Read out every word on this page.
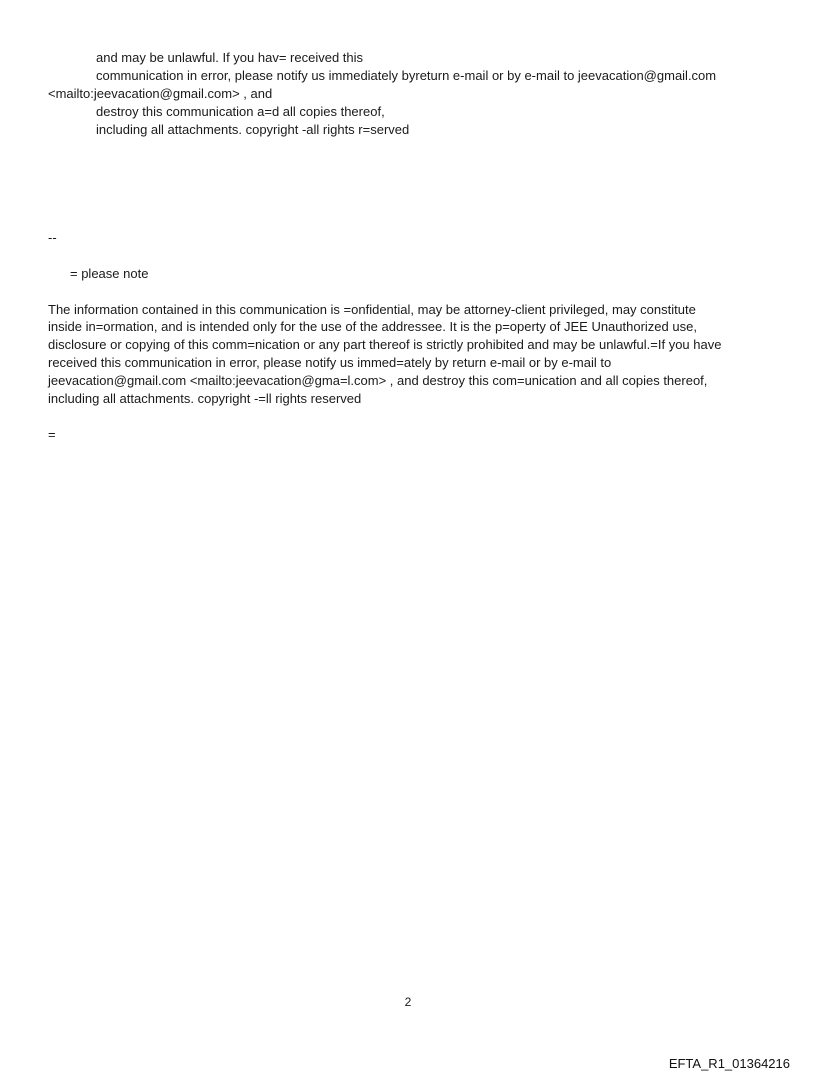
and may be unlawful. If you hav= received this
communication in error, please notify us immediately byreturn e-mail or by e-mail to jeevacation@gmail.com
<mailto:jeevacation@gmail.com> , and
destroy this communication a=d all copies thereof,
including all attachments. copyright -all rights r=served
--
= please note
The information contained in this communication is =onfidential, may be attorney-client privileged, may constitute
inside in=ormation, and is intended only for the use of the addressee. It is the p=operty of JEE Unauthorized use,
disclosure or copying of this comm=nication or any part thereof is strictly prohibited and may be unlawful.=If you have
received this communication in error, please notify us immed=ately by return e-mail or by e-mail to
jeevacation@gmail.com <mailto:jeevacation@gma=l.com> , and destroy this com=unication and all copies thereof,
including all attachments. copyright -=ll rights reserved
=
2
EFTA_R1_01364216
